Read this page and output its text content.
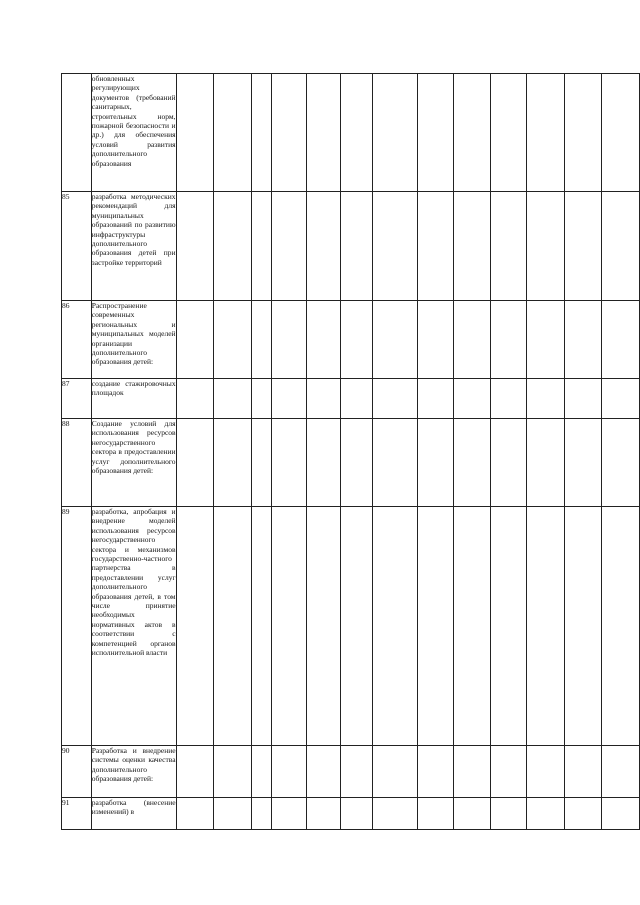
	обновленных регулирующих документов (требований санитарных, строительных норм, пожарной безопасности и др.) для обеспечения условий развития дополнительного образования													

85	разработка методических рекомендаций для муниципальных образований по развитию инфраструктуры дополнительного образования детей при застройке территорий													

86	Распространение современных региональных и муниципальных моделей организации дополнительного образования детей:													

87	создание стажировочных площадок													

88	Создание условий для использования ресурсов негосударственного сектора в предоставлении услуг дополнительного образования детей:													

89	разработка, апробация и внедрение моделей использования ресурсов негосударственного сектора и механизмов государственно-частного партнерства в предоставлении услуг дополнительного образования детей, в том числе принятие необходимых нормативных актов в соответствии с компетенцией органов исполнительной власти													

90	Разработка и внедрение системы оценки качества дополнительного образования детей:													

91	разработка (внесение изменений) в													
